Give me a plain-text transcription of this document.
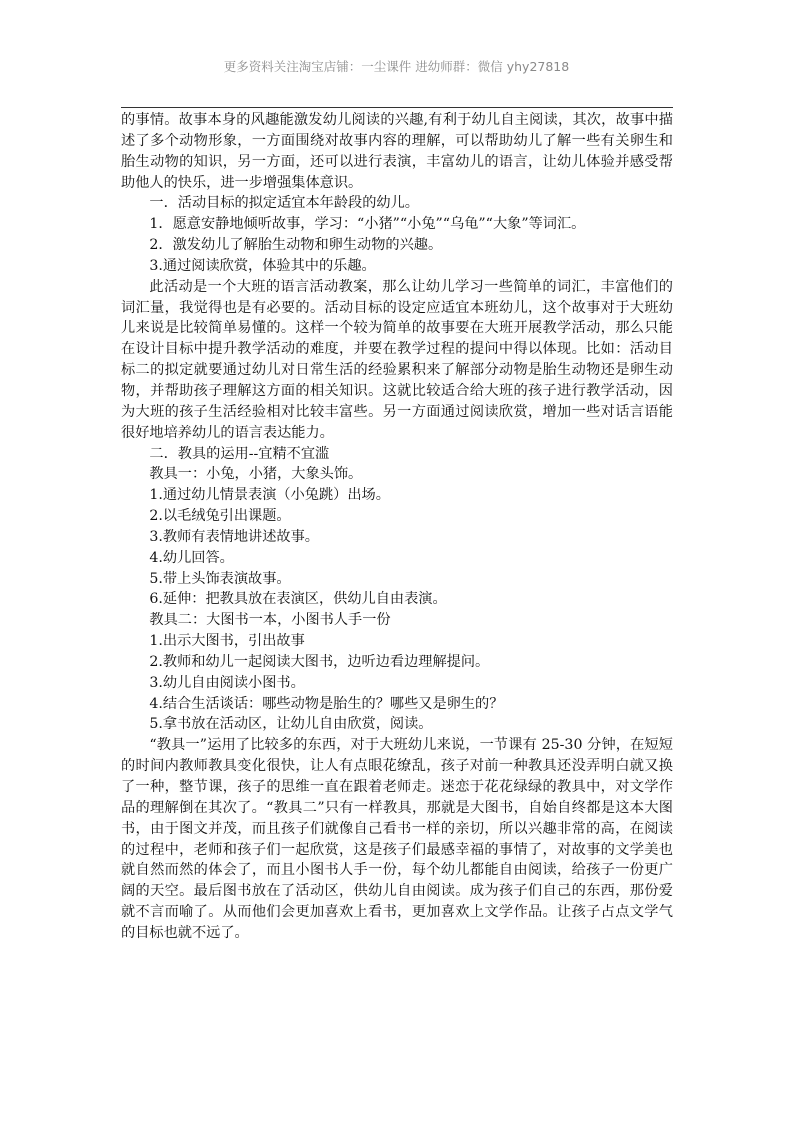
更多资料关注淘宝店铺：一尘课件 进幼师群：微信 yhy27818

的事情。故事本身的风趣能激发幼儿阅读的兴趣,有利于幼儿自主阅读，其次，故事中描述了多个动物形象，一方面围绕对故事内容的理解，可以帮助幼儿了解一些有关卵生和胎生动物的知识，另一方面，还可以进行表演，丰富幼儿的语言，让幼儿体验并感受帮助他人的快乐，进一步增强集体意识。

一．活动目标的拟定适宜本年龄段的幼儿。

1．愿意安静地倾听故事，学习：“小猪”“小兔”“乌龟”“大象”等词汇。

2．激发幼儿了解胎生动物和卵生动物的兴趣。

3.通过阅读欣赏，体验其中的乐趣。

此活动是一个大班的语言活动教案，那么让幼儿学习一些简单的词汇，丰富他们的词汇量，我觉得也是有必要的。活动目标的设定应适宜本班幼儿，这个故事对于大班幼儿来说是比较简单易懂的。这样一个较为简单的故事要在大班开展教学活动，那么只能在设计目标中提升教学活动的难度，并要在教学过程的提问中得以体现。比如：活动目标二的拟定就要通过幼儿对日常生活的经验累积来了解部分动物是胎生动物还是卵生动物，并帮助孩子理解这方面的相关知识。这就比较适合给大班的孩子进行教学活动，因为大班的孩子生活经验相对比较丰富些。另一方面通过阅读欣赏，增加一些对话言语能很好地培养幼儿的语言表达能力。

二．教具的运用--宜精不宜滥

教具一：小兔，小猪，大象头饰。

1.通过幼儿情景表演（小兔跳）出场。

2.以毛绒兔引出课题。

3.教师有表情地讲述故事。

4.幼儿回答。

5.带上头饰表演故事。

6.延伸：把教具放在表演区，供幼儿自由表演。

教具二：大图书一本，小图书人手一份

1.出示大图书，引出故事

2.教师和幼儿一起阅读大图书，边听边看边理解提问。

3.幼儿自由阅读小图书。

4.结合生活谈话：哪些动物是胎生的？哪些又是卵生的？

5.拿书放在活动区，让幼儿自由欣赏，阅读。

“教具一”运用了比较多的东西，对于大班幼儿来说，一节课有 25-30 分钟，在短短的时间内教师教具变化很快，让人有点眼花缭乱，孩子对前一种教具还没弄明白就又换了一种，整节课，孩子的思维一直在跟着老师走。迷恋于花花绿绿的教具中，对文学作品的理解倒在其次了。“教具二”只有一样教具，那就是大图书，自始自终都是这本大图书，由于图文并茂，而且孩子们就像自己看书一样的亲切，所以兴趣非常的高，在阅读的过程中，老师和孩子们一起欣赏，这是孩子们最感幸福的事情了，对故事的文学美也就自然而然的体会了，而且小图书人手一份，每个幼儿都能自由阅读，给孩子一份更广阔的天空。最后图书放在了活动区，供幼儿自由阅读。成为孩子们自己的东西，那份爱就不言而喻了。从而他们会更加喜欢上看书，更加喜欢上文学作品。让孩子占点文学气的目标也就不远了。
